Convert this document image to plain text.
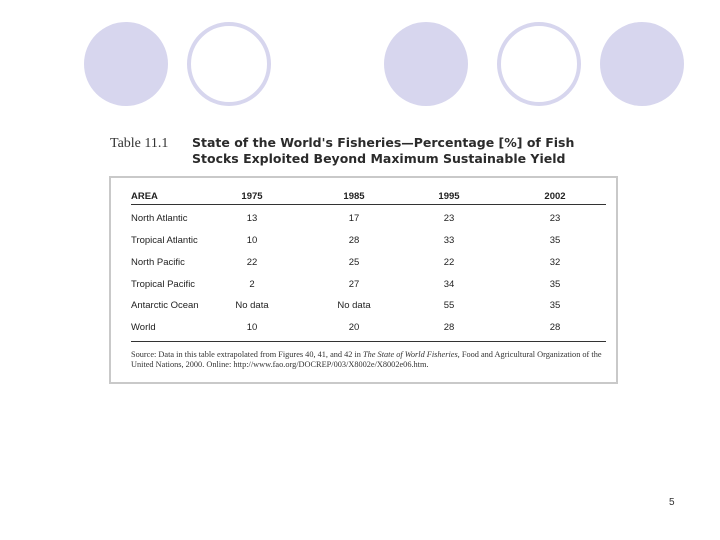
Table 11.1 State of the World's Fisheries—Percentage [%] of Fish
Stocks Exploited Beyond Maximum Sustainable Yield
Source: Data in this table extrapolated from Figures 40, 41, and 42 in The State of World Fisheries, Food and Agricultural Organization of the United Nations, 2000. Online: http://www.fao.org/DOCREP/003/X8002e/X8002e06.htm.
AREA	1975	1985	1995	2002
North Atlantic	13	17	23	23
Tropical Atlantic	10	28	33	35
North Pacific	22	25	22	32
Tropical Pacific	2	27	34	35
Antarctic Ocean	No data	No data	55	35
World	10	20	28	28
5
